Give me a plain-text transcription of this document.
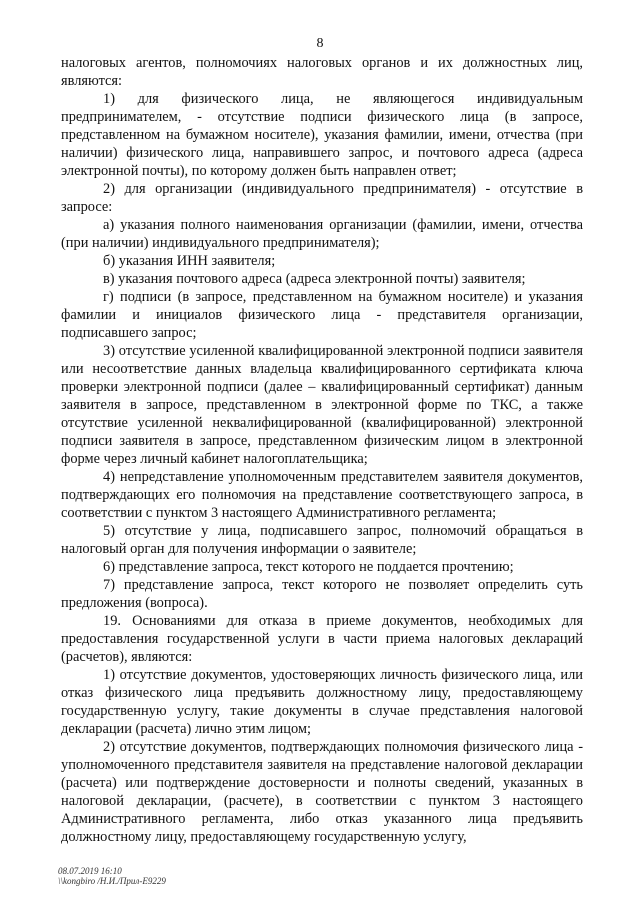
8

налоговых агентов, полномочиях налоговых органов и их должностных лиц, являются:

1) для физического лица, не являющегося индивидуальным предпринимателем, - отсутствие подписи физического лица (в запросе, представленном на бумажном носителе), указания фамилии, имени, отчества (при наличии) физического лица, направившего запрос, и почтового адреса (адреса электронной почты), по которому должен быть направлен ответ;

2) для организации (индивидуального предпринимателя) - отсутствие в запросе:

а) указания полного наименования организации (фамилии, имени, отчества (при наличии) индивидуального предпринимателя);

б) указания ИНН заявителя;

в) указания почтового адреса (адреса электронной почты) заявителя;

г) подписи (в запросе, представленном на бумажном носителе) и указания фамилии и инициалов физического лица - представителя организации, подписавшего запрос;

3) отсутствие усиленной квалифицированной электронной подписи заявителя или несоответствие данных владельца квалифицированного сертификата ключа проверки электронной подписи (далее – квалифицированный сертификат) данным заявителя в запросе, представленном в электронной форме по ТКС, а также отсутствие усиленной неквалифицированной (квалифицированной) электронной подписи заявителя в запросе, представленном физическим лицом в электронной форме через личный кабинет налогоплательщика;

4) непредставление уполномоченным представителем заявителя документов, подтверждающих его полномочия на представление соответствующего запроса, в соответствии с пунктом 3 настоящего Административного регламента;

5) отсутствие у лица, подписавшего запрос, полномочий обращаться в налоговый орган для получения информации о заявителе;

6) представление запроса, текст которого не поддается прочтению;

7) представление запроса, текст которого не позволяет определить суть предложения (вопроса).

19. Основаниями для отказа в приеме документов, необходимых для предоставления государственной услуги в части приема налоговых деклараций (расчетов), являются:

1) отсутствие документов, удостоверяющих личность физического лица, или отказ физического лица предъявить должностному лицу, предоставляющему государственную услугу, такие документы в случае представления налоговой декларации (расчета) лично этим лицом;

2) отсутствие документов, подтверждающих полномочия физического лица - уполномоченного представителя заявителя на представление налоговой декларации (расчета) или подтверждение достоверности и полноты сведений, указанных в налоговой декларации, (расчете), в соответствии с пунктом 3 настоящего Административного регламента, либо отказ указанного лица предъявить должностному лицу, предоставляющему государственную услугу,

08.07.2019 16:10
\\kongbiro /Н.И./Прил-E9229
